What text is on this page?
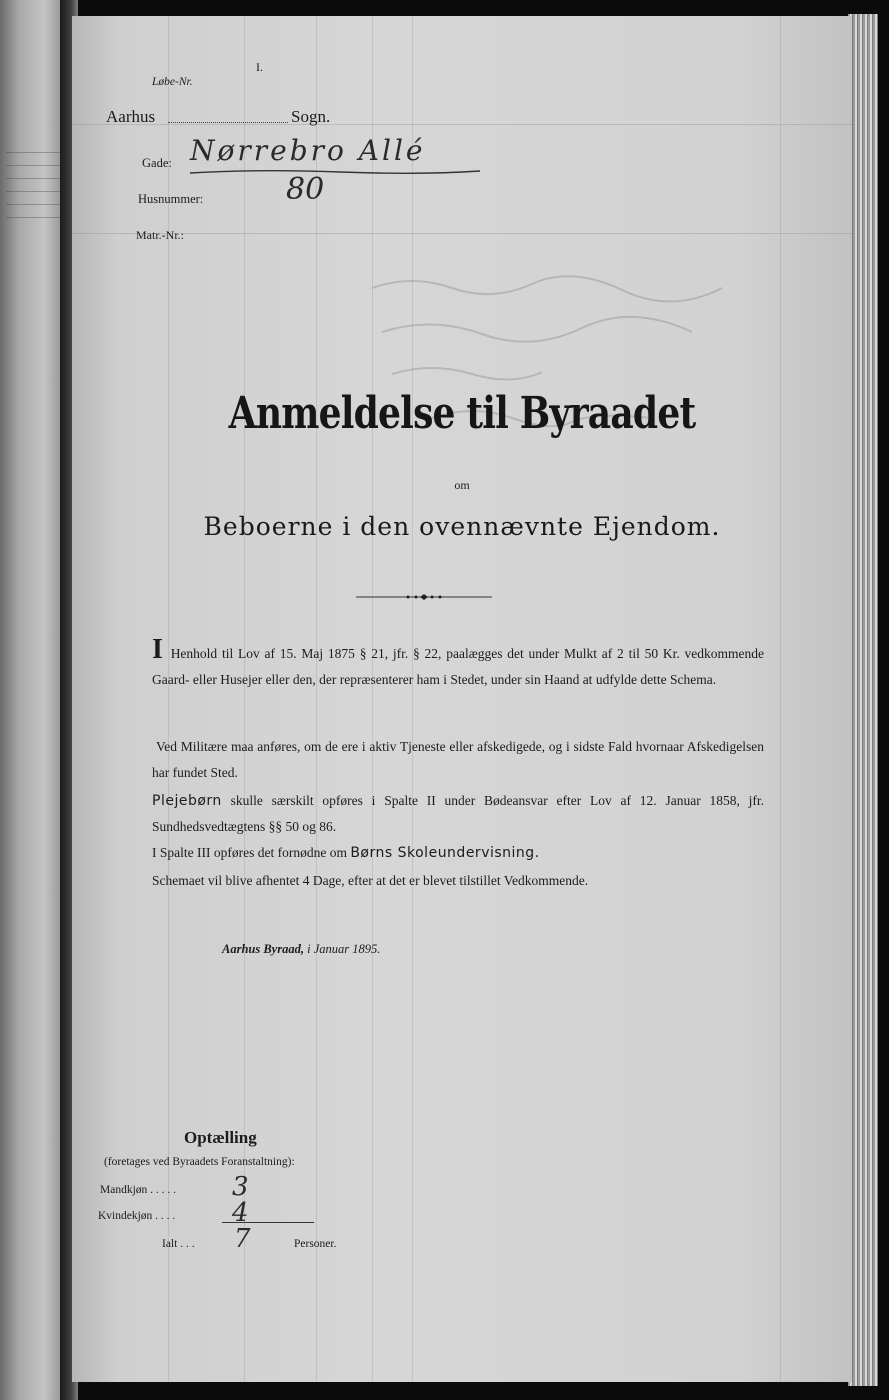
I.
Løbe-Nr.
Aarhus	Sogn.
Gade: Nørrebro Allé
Husnummer:	80
Matr.-Nr.:
Anmeldelse til Byraadet
om
Beboerne i den ovennævnte Ejendom.
I Henhold til Lov af 15. Maj 1875 § 21, jfr. § 22, paalægges det under Mulkt af 2 til 50 Kr. vedkommende Gaard- eller Husejer eller den, der repræsenterer ham i Stedet, under sin Haand at udfylde dette Schema.
Ved Militære maa anføres, om de ere i aktiv Tjeneste eller afskedigede, og i sidste Fald hvornaar Afskedigelsen har fundet Sted.
Plejebørn skulle særskilt opføres i Spalte II under Bødeansvar efter Lov af 12. Januar 1858, jfr. Sundhedsvedtægtens §§ 50 og 86.
I Spalte III opføres det fornødne om Børns Skoleundervisning.
Schemaet vil blive afhentet 4 Dage, efter at det er blevet tilstillet Vedkommende.
Aarhus Byraad, i Januar 1895.
Optælling
(foretages ved Byraadets Foranstaltning):
Mandkjøn . . . . . 3
Kvindekjøn . . . . 4
Ialt . . . 7	Personer.
